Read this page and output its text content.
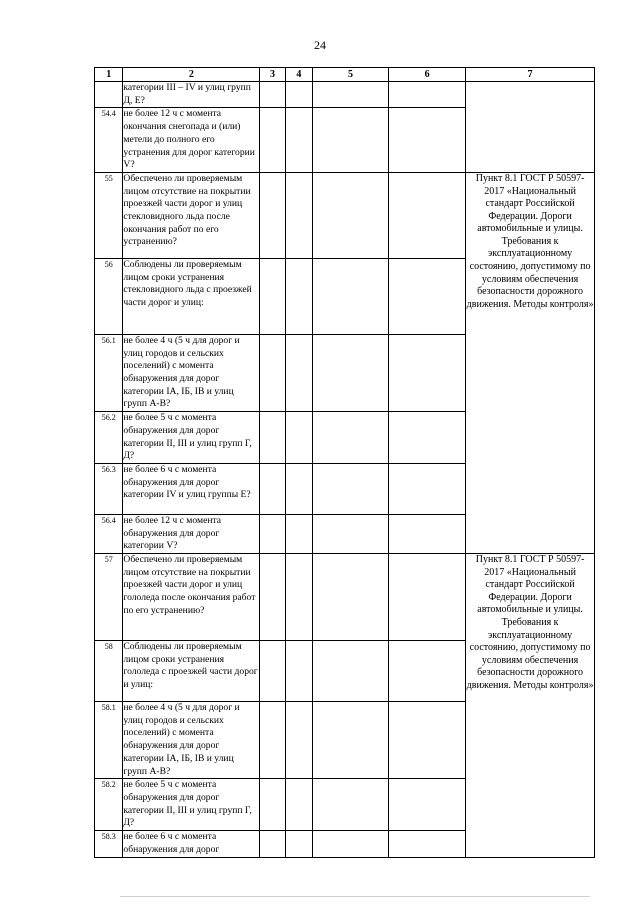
24
1	2	3	4	5	6	7
	категории III – IV и улиц групп Д, Е?					
54.4	не более 12 ч с момента окончания снегопада и (или) метели до полного его устранения для дорог категории V?					
55	Обеспечено ли проверяемым лицом отсутствие на покрытии проезжей части дорог и улиц стекловидного льда после окончания работ по его устранению?					Пункт 8.1 ГОСТ Р 50597-2017 «Национальный стандарт Российской Федерации. Дороги автомобильные и улицы. Требования к эксплуатационному состоянию, допустимому по условиям обеспечения безопасности дорожного движения. Методы контроля»
56	Соблюдены ли проверяемым лицом сроки устранения стекловидного льда с проезжей части дорог и улиц:					
56.1	не более 4 ч (5 ч для дорог и улиц городов и сельских поселений) с момента обнаружения для дорог категории IA, IБ, IB и улиц групп А-В?					
56.2	не более 5 ч с момента обнаружения для дорог категории II, III и улиц групп Г, Д?					
56.3	не более 6 ч с момента обнаружения для дорог категории IV и улиц группы Е?					
56.4	не более 12 ч с момента обнаружения для дорог категории V?					
57	Обеспечено ли проверяемым лицом отсутствие на покрытии проезжей части дорог и улиц гололеда после окончания работ по его устранению?					Пункт 8.1 ГОСТ Р 50597-2017 «Национальный стандарт Российской Федерации. Дороги автомобильные и улицы. Требования к эксплуатационному состоянию, допустимому по условиям обеспечения безопасности дорожного движения. Методы контроля»
58	Соблюдены ли проверяемым лицом сроки устранения гололеда с проезжей части дорог и улиц:					
58.1	не более 4 ч (5 ч для дорог и улиц городов и сельских поселений) с момента обнаружения для дорог категории IA, IБ, IB и улиц групп А-В?					
58.2	не более 5 ч с момента обнаружения для дорог категории II, III и улиц групп Г, Д?					
58.3	не более 6 ч с момента обнаружения для дорог					
